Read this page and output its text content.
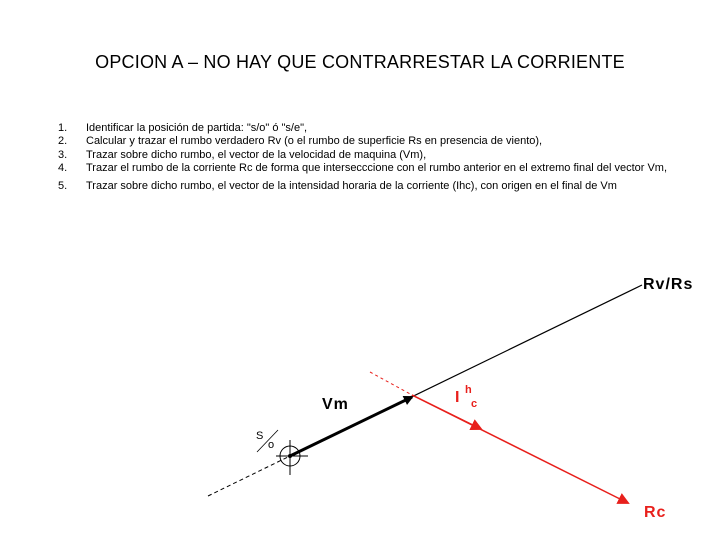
OPCION A – NO HAY QUE CONTRARRESTAR LA CORRIENTE
1.	Identificar la posición de partida: "s/o" ó "s/e",
2.	Calcular y trazar el rumbo verdadero Rv (o el rumbo de superficie Rs en presencia de viento),
3.	Trazar sobre dicho rumbo, el vector de la velocidad de maquina (Vm),
4.	Trazar el rumbo de la corriente Rc de forma que intersecccione con el rumbo anterior en el extremo final del vector Vm,
5.	Trazar sobre dicho rumbo, el vector de la intensidad horaria de la corriente (Ihc), con origen en el final de Vm
Rv/Rs
Vm	I h
c
Rc
S
o
